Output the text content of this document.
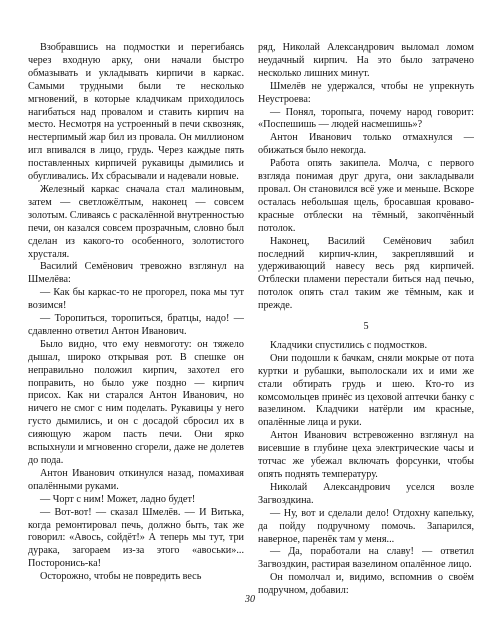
Взобравшись на подмостки и перегибаясь через входную арку, они начали быстро обмазывать и укладывать кирпичи в каркас. Самыми трудными были те несколько мгновений, в которые кладчикам приходилось нагибаться над провалом и ставить кирпич на место. Несмотря на устроенный в печи сквозняк, нестерпимый жар бил из провала. Он миллионом игл впивался в лицо, грудь. Через каждые пять поставленных кирпичей рукавицы дымились и обугливались. Их сбрасывали и надевали новые.

Железный каркас сначала стал малиновым, затем — светложёлтым, наконец — совсем золотым. Сливаясь с раскалённой внутренностью печи, он казался совсем прозрачным, словно был сделан из какого-то особенного, золотистого хрусталя.

Василий Семёнович тревожно взглянул на Шмелёва:

— Как бы каркас-то не прогорел, пока мы тут возимся!

— Торопиться, торопиться, братцы, надо! — сдавленно ответил Антон Иванович.

Было видно, что ему невмоготу: он тяжело дышал, широко открывая рот. В спешке он неправильно положил кирпич, захотел его поправить, но было уже поздно — кирпич присох. Как ни старался Антон Иванович, но ничего не смог с ним поделать. Рукавицы у него густо дымились, и он с досадой сбросил их в сияющую жаром пасть печи. Они ярко вспыхнули и мгновенно сгорели, даже не долетев до пода.

Антон Иванович откинулся назад, помахивая опалёнными руками.

— Чорт с ним! Может, ладно будет!

— Вот-вот! — сказал Шмелёв. — И Витька, когда ремонтировал печь, должно быть, так же говорил: «Авось, сойдёт!» А теперь мы тут, три дурака, загораем из-за этого «авоськи»... Посторонись-ка!

Осторожно, чтобы не повредить весь

ряд, Николай Александрович выломал ломом неудачный кирпич. На это было затрачено несколько лишних минут.

Шмелёв не удержался, чтобы не упрекнуть Неустроева:

— Понял, торопыга, почему народ говорит: «Поспешишь — людей насмешишь»?

Антон Иванович только отмахнулся — обижаться было некогда.

Работа опять закипела. Молча, с первого взгляда понимая друг друга, они закладывали провал. Он становился всё уже и меньше. Вскоре осталась небольшая щель, бросавшая кроваво-красные отблески на тёмный, закопчённый потолок.

Наконец, Василий Семёнович забил последний кирпич-клин, закреплявший и удерживающий навесу весь ряд кирпичей. Отблески пламени перестали биться над печью, потолок опять стал таким же тёмным, как и прежде.

5

Кладчики спустились с подмостков.

Они подошли к бачкам, сняли мокрые от пота куртки и рубашки, выполоскали их и ими же стали обтирать грудь и шею. Кто-то из комсомольцев принёс из цеховой аптечки банку с вазелином. Кладчики натёрли им красные, опалённые лица и руки.

Антон Иванович встревоженно взглянул на висевшие в глубине цеха электрические часы и тотчас же убежал включать форсунки, чтобы опять поднять температуру.

Николай Александрович уселся возле Загвоздкина.

— Ну, вот и сделали дело! Отдохну капельку, да пойду подручному помочь. Запарился, наверное, паренёк там у меня...

— Да, поработали на славу! — ответил Загвоздкин, растирая вазелином опалённое лицо.

Он помолчал и, видимо, вспомнив о своём подручном, добавил:

30
